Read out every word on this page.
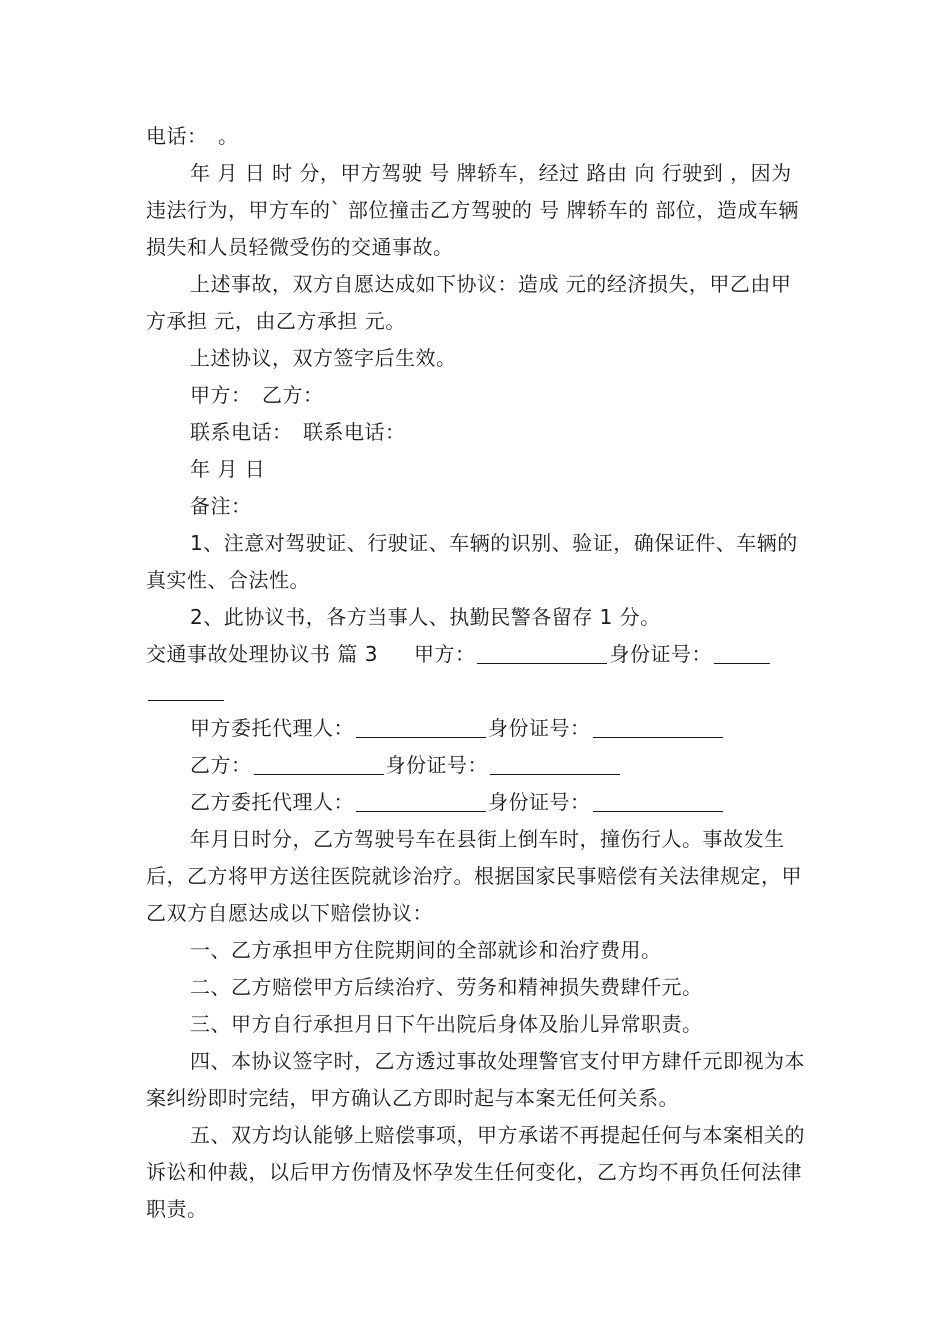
电话：　。
年 月 日 时 分，甲方驾驶 号 牌轿车，经过 路由 向 行驶到 ，因为 违法行为，甲方车的` 部位撞击乙方驾驶的 号 牌轿车的 部位，造成车辆损失和人员轻微受伤的交通事故。
上述事故，双方自愿达成如下协议：造成 元的经济损失，甲乙由甲方承担 元，由乙方承担 元。
上述协议，双方签字后生效。
甲方：　乙方：
联系电话：　联系电话：
年 月 日
备注：
1、注意对驾驶证、行驶证、车辆的识别、验证，确保证件、车辆的真实性、合法性。
2、此协议书，各方当事人、执勤民警各留存 1 分。
交通事故处理协议书 篇 3 甲方：	身份证号：
甲方委托代理人：	身份证号：
乙方：	身份证号：
乙方委托代理人：	身份证号：
年月日时分，乙方驾驶号车在县街上倒车时，撞伤行人。事故发生后，乙方将甲方送往医院就诊治疗。根据国家民事赔偿有关法律规定，甲乙双方自愿达成以下赔偿协议：
一、乙方承担甲方住院期间的全部就诊和治疗费用。
二、乙方赔偿甲方后续治疗、劳务和精神损失费肆仟元。
三、甲方自行承担月日下午出院后身体及胎儿异常职责。
四、本协议签字时，乙方透过事故处理警官支付甲方肆仟元即视为本案纠纷即时完结，甲方确认乙方即时起与本案无任何关系。
五、双方均认能够上赔偿事项，甲方承诺不再提起任何与本案相关的诉讼和仲裁，以后甲方伤情及怀孕发生任何变化，乙方均不再负任何法律职责。
